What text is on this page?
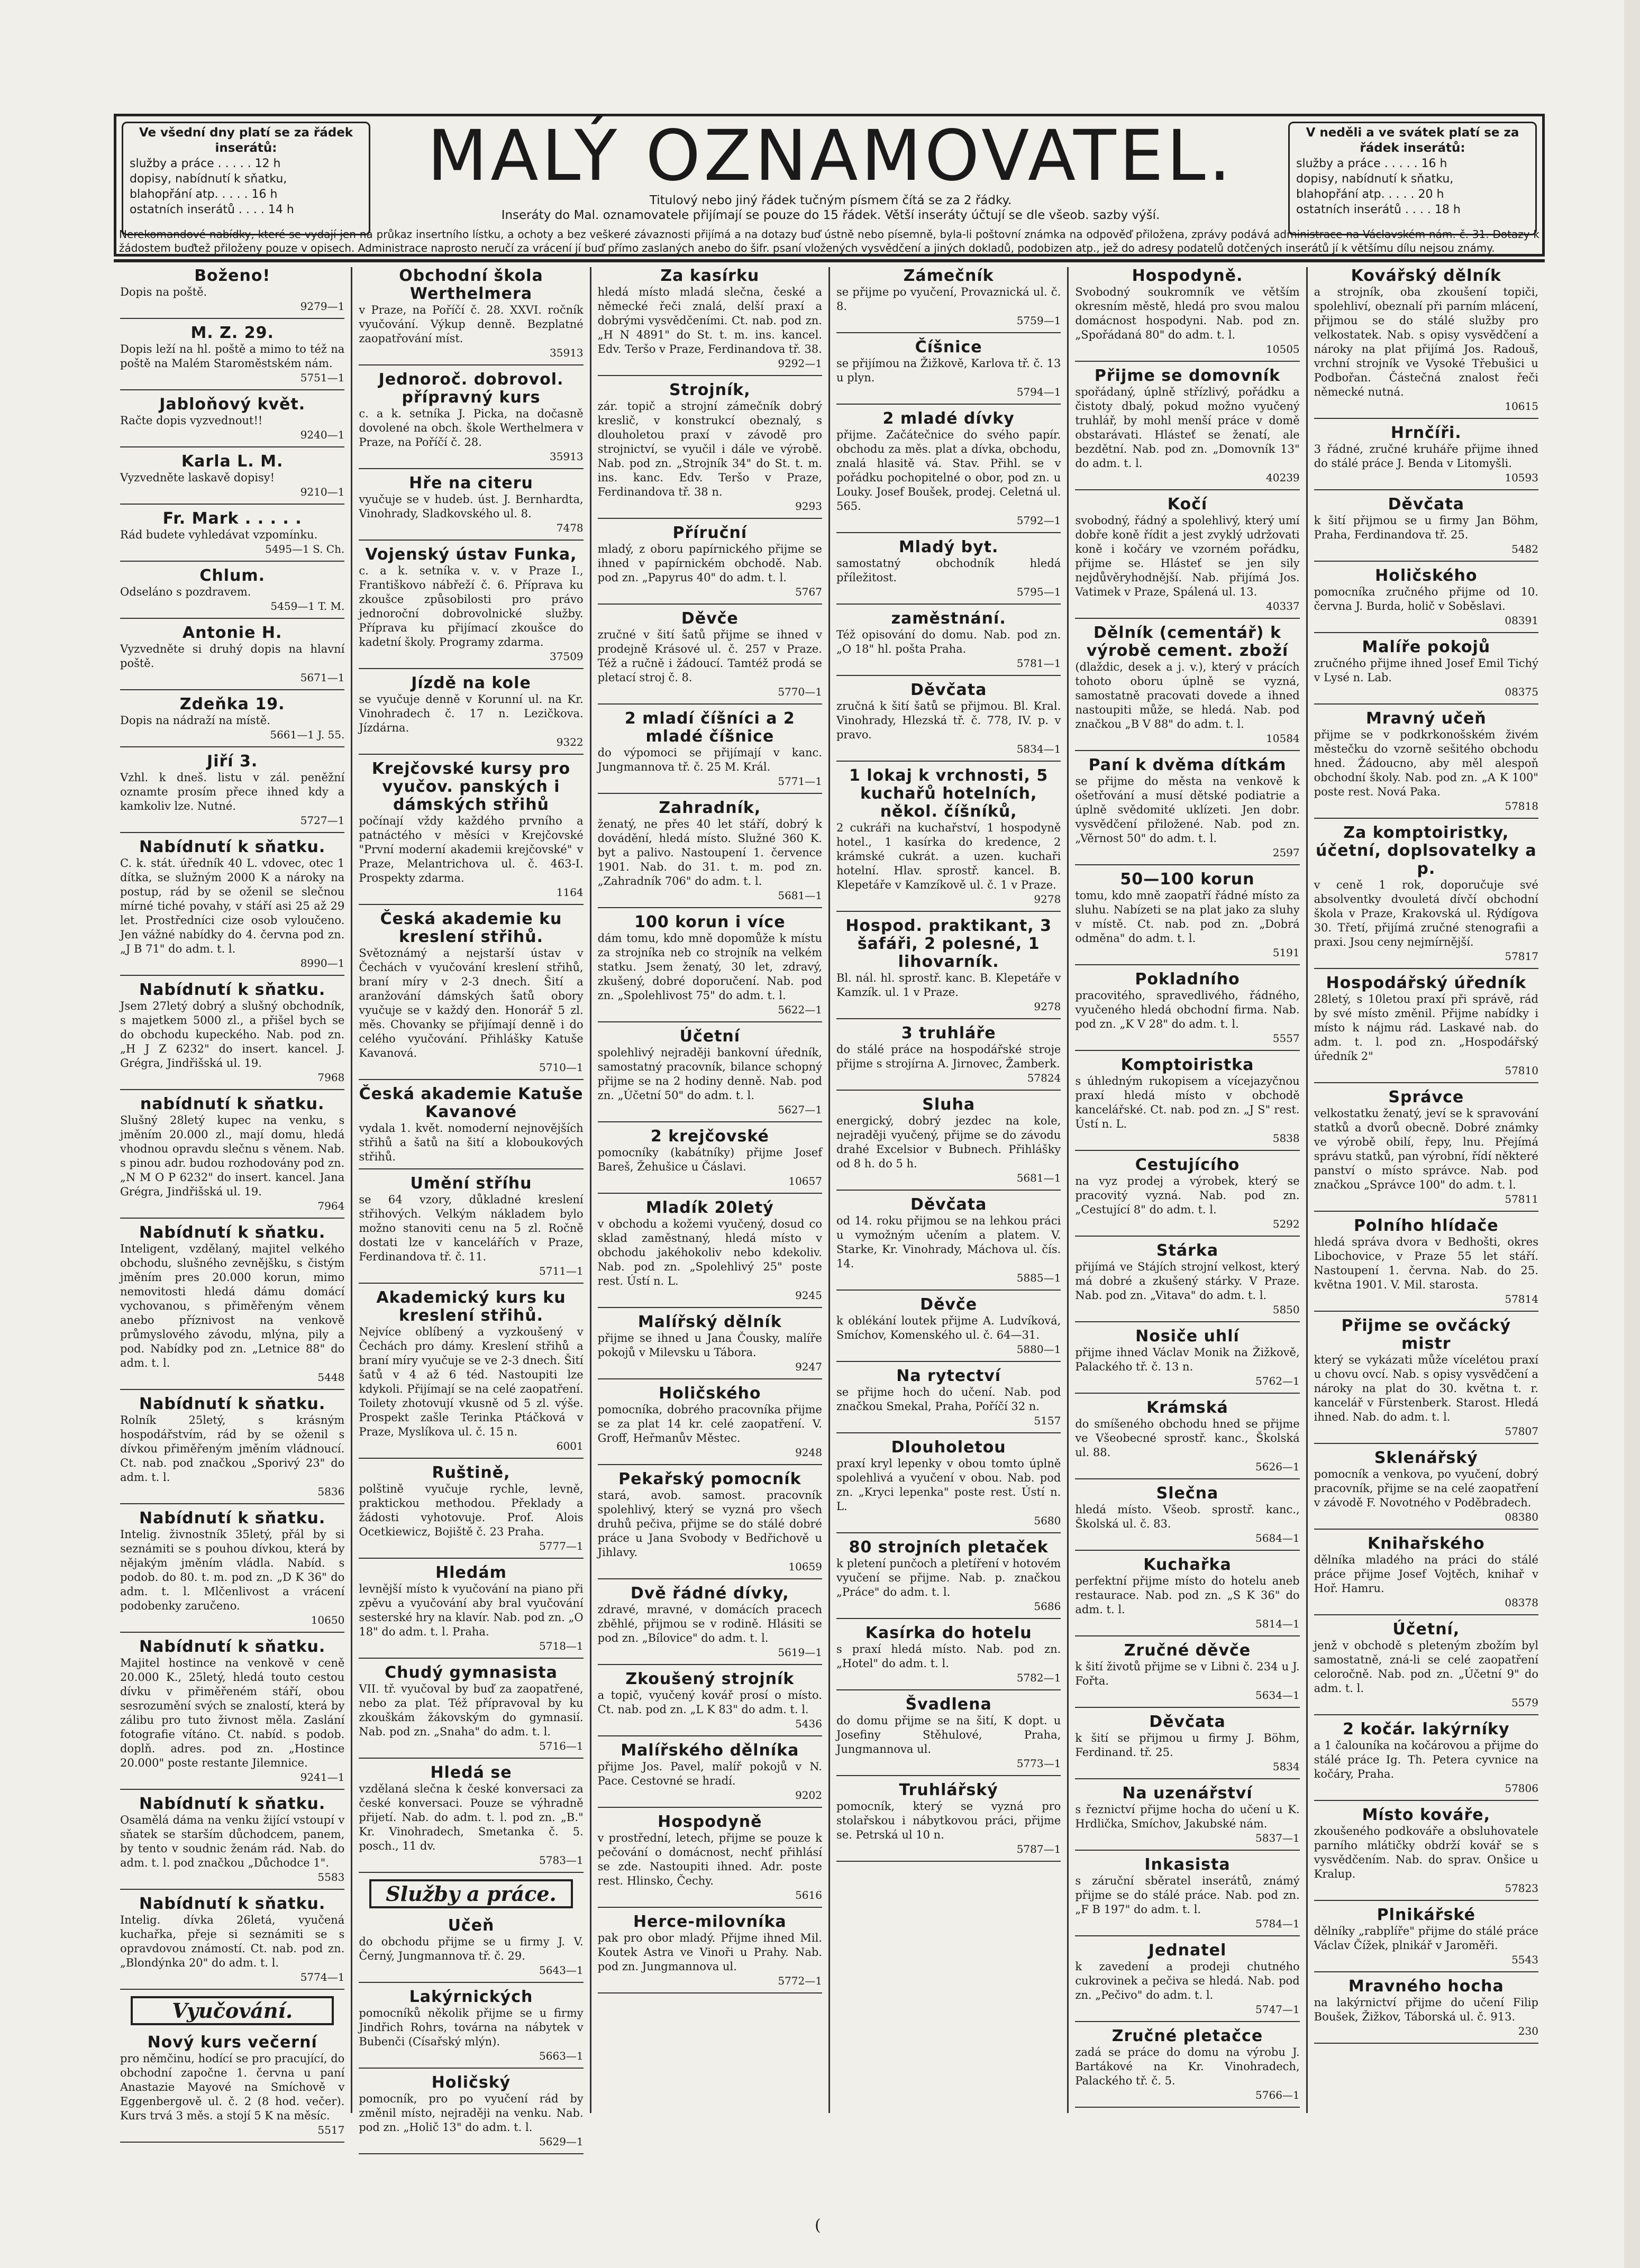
Ve všední dny platí se za řádek inserátů:
služby a práce . . . . . 12 h
dopisy, nabídnutí k sňatku,
blahopřání atp. . . . . 16 h
ostatních inserátů . . . . 14 h
MALÝ OZNAMOVATEL.
Titulový nebo jiný řádek tučným písmem čítá se za 2 řádky.
Inseráty do Mal. oznamovatele přijímají se pouze do 15 řádek. Větší inseráty účtují se dle všeob. sazby výší.
V neděli a ve svátek platí se za řádek inserátů:
služby a práce . . . . . 16 h
dopisy, nabídnutí k sňatku,
blahopřání atp. . . . . 20 h
ostatních inserátů . . . . 18 h
Nerekomandové nabídky, které se vydají jen na průkaz insertního lístku, a ochoty a bez veškeré závaznosti přijímá a na dotazy buď ústně nebo písemně, byla-li poštovní známka na odpověď přiložena, zprávy podává administrace na Václavském nám. č. 31. Dotazy k žádostem buďtež přiloženy pouze v opisech. Administrace naprosto neručí za vrácení jí buď přímo zaslaných anebo do šifr. psaní vložených vysvědčení a jiných dokladů, podobizen atp., jež do adresy podatelů dotčených inserátů jí k většímu dílu nejsou známy.
Boženo!
Dopis na poště.
9279—1
M. Z. 29.
Dopis leží na hl. poště a mimo to též na poště na Malém Staroměstském nám.
5751—1
Jabloňový květ.
Račte dopis vyzvednout!!
9240—1
Karla L. M.
Vyzvedněte laskavě dopisy!
9210—1
Fr. Mark . . . . .
Rád budete vyhledávat vzpomínku.
5495—1 S. Ch.
Chlum.
Odseláno s pozdravem.
5459—1 T. M.
Antonie H.
Vyzvedněte si druhý dopis na hlavní poště.
5671—1
Zdeňka 19.
Dopis na nádraží na místě.
5661—1 J. 55.
Jiří 3.
Vzhl. k dneš. listu v zál. peněžní oznamte prosím přece ihned kdy a kamkoliv lze. Nutné.
5727—1
Nabídnutí k sňatku.
C. k. stát. úředník 40 L. vdovec, otec 1 dítka, se služným 2000 K a nároky na postup, rád by se oženil se slečnou mírné tiché povahy, v stáří asi 25 až 29 let. Prostředníci cize osob vyloučeno. Jen vážné nabídky do 4. června pod zn. „J B 71" do adm. t. l.
8990—1
Nabídnutí k sňatku.
Jsem 27letý dobrý a slušný obchodník, s majetkem 5000 zl., a přišel bych se do obchodu kupeckého. Nab. pod zn. „H J Z 6232" do insert. kancel. J. Grégra, Jindřišská ul. 19.
7968
nabídnutí k sňatku.
Slušný 28letý kupec na venku, s jměním 20.000 zl., mají domu, hledá vhodnou opravdu slečnu s věnem. Nab. s pinou adr. budou rozhodovány pod zn. „N M O P 6232" do insert. kancel. Jana Grégra, Jindřišská ul. 19.
7964
Nabídnutí k sňatku.
Inteligent, vzdělaný, majitel velkého obchodu, slušného zevnějšku, s čistým jměním pres 20.000 korun, mimo nemovitosti hledá dámu domácí vychovanou, s přiměřeným věnem anebo příznivost na venkově průmyslového závodu, mlýna, pily a pod. Nabídky pod zn. „Letnice 88" do adm. t. l.
5448
Nabídnutí k sňatku.
Rolník 25letý, s krásným hospodářstvím, rád by se oženil s dívkou přiměřeným jměním vládnoucí. Ct. nab. pod značkou „Sporivý 23" do adm. t. l.
5836
Nabídnutí k sňatku.
Intelig. živnostník 35letý, přál by si seznámiti se s pouhou dívkou, která by nějakým jměním vládla. Nabíd. s podob. do 80. t. m. pod zn. „D K 36" do adm. t. l. Mlčenlivost a vrácení podobenky zaručeno.
10650
Nabídnutí k sňatku.
Majitel hostince na venkově v ceně 20.000 K., 25letý, hledá touto cestou dívku v přiměřeném stáří, obou sesrozumění svých se znalostí, která by zálibu pro tuto živnost měla. Zaslání fotografie vítáno. Ct. nabíd. s podob. doplň. adres. pod zn. „Hostince 20.000" poste restante Jilemnice.
9241—1
Nabídnutí k sňatku.
Osamělá dáma na venku žijící vstoupí v sňatek se starším důchodcem, panem, by tento v soudnic ženám rád. Nab. do adm. t. l. pod značkou „Důchodce 1".
5583
Nabídnutí k sňatku.
Intelig. dívka 26letá, vyučená kuchařka, přeje si seznámiti se s opravdovou známostí. Ct. nab. pod zn. „Blondýnka 20" do adm. t. l.
5774—1
Vyučování.
Nový kurs večerní
pro němčinu, hodící se pro pracující, do obchodní započne 1. června u paní Anastazie Mayové na Smíchově v Eggenbergově ul. č. 2 (8 hod. večer). Kurs trvá 3 měs. a stojí 5 K na měsíc.
5517
Obchodní škola Werthelmera
v Praze, na Poříčí č. 28. XXVI. ročník vyučování. Výkup denně. Bezplatné zaopatřování míst.
35913
Jednoroč. dobrovol. přípravný kurs
c. a k. setníka J. Picka, na dočasně dovolené na obch. škole Werthelmera v Praze, na Poříčí č. 28.
35913
Hře na citeru
vyučuje se v hudeb. úst. J. Bernhardta, Vinohrady, Sladkovského ul. 8.
7478
Vojenský ústav Funka,
c. a k. setníka v. v. v Praze I., Františkovo nábřeží č. 6. Příprava ku zkoušce způsobilosti pro právo jednoroční dobrovolnické služby. Příprava ku přijímací zkoušce do kadetní školy. Programy zdarma.
37509
Jízdě na kole
se vyučuje denně v Korunní ul. na Kr. Vinohradech č. 17 n. Lezičkova. Jízdárna.
9322
Krejčovské kursy pro vyučov. panských i dámských střihů
počínají vždy každého prvního a patnáctého v měsíci v Krejčovské "První moderní akademii krejčovské" v Praze, Melantrichova ul. č. 463-I. Prospekty zdarma.
1164
Česká akademie ku kreslení střihů.
Světoznámý a nejstarší ústav v Čechách v vyučování kreslení střihů, braní míry v 2-3 dnech. Šití a aranžování dámských šatů obory vyučuje se v každý den. Honorář 5 zl. měs. Chovanky se přijímají denně i do celého vyučování. Přihlášky Katuše Kavanová.
5710—1
Česká akademie Katuše Kavanové
vydala 1. květ. nomoderní nejnovějších střihů a šatů na šití a kloboukových střihů.
Umění stříhu
se 64 vzory, důkladné kreslení střihových. Velkým nákladem bylo možno stanoviti cenu na 5 zl. Ročně dostati lze v kancelářích v Praze, Ferdinandova tř. č. 11.
5711—1
Akademický kurs ku kreslení střihů.
Nejvíce oblíbený a vyzkoušený v Čechách pro dámy. Kreslení střihů a braní míry vyučuje se ve 2-3 dnech. Šití šatů v 4 až 6 téd. Nastoupiti lze kdykoli. Přijímají se na celé zaopatření. Toilety zhotovují vkusně od 5 zl. výše. Prospekt zašle Terinka Ptáčková v Praze, Myslíkova ul. č. 15 n.
6001
Ruštině,
polštině vyučuje rychle, levně, praktickou methodou. Překlady a žádosti vyhotovuje. Prof. Alois Ocetkiewicz, Bojiště č. 23 Praha.
5777—1
Hledám
levnější místo k vyučování na piano při zpěvu a vyučování aby bral vyučování sesterské hry na klavír. Nab. pod zn. „O 18" do adm. t. l. Praha.
5718—1
Chudý gymnasista
VII. tř. vyučoval by buď za zaopatřené, nebo za plat. Též přípravoval by ku zkouškám žákovským do gymnasií. Nab. pod zn. „Snaha" do adm. t. l.
5716—1
Hledá se
vzdělaná slečna k české konversaci za české konversaci. Pouze se výhradně přijetí. Nab. do adm. t. l. pod zn. „B." Kr. Vinohradech, Smetanka č. 5. posch., 11 dv.
5783—1
Služby a práce.
Učeň
do obchodu přijme se u firmy J. V. Černý, Jungmannova tř. č. 29.
5643—1
Lakýrnických
pomocníků několik přijme se u firmy Jindřich Rohrs, továrna na nábytek v Bubenči (Císařský mlýn).
5663—1
Holičský
pomocník, pro po vyučení rád by změnil místo, nejraději na venku. Nab. pod zn. „Holič 13" do adm. t. l.
5629—1
Za kasírku
hledá místo mladá slečna, české a německé řeči znalá, delší praxí a dobrými vysvědčeními. Ct. nab. pod zn. „H N 4891" do St. t. m. ins. kancel. Edv. Teršo v Praze, Ferdinandova tř. 38.
9292—1
Strojník,
zár. topič a strojní zámečník dobrý kreslič, v konstrukcí obeznalý, s dlouholetou praxí v závodě pro strojnictví, se vyučil i dále ve výrobě. Nab. pod zn. „Strojník 34" do St. t. m. ins. kanc. Edv. Teršo v Praze, Ferdinandova tř. 38 n.
9293
Příruční
mladý, z oboru papírnického přijme se ihned v papírnickém obchodě. Nab. pod zn. „Papyrus 40" do adm. t. l.
5767
Děvče
zručné v šití šatů přijme se ihned v prodejně Krásové ul. č. 257 v Praze. Též a ručně i žádoucí. Tamtéž prodá se pletací stroj č. 8.
5770—1
2 mladí číšníci a 2 mladé číšnice
do výpomoci se přijímají v kanc. Jungmannova tř. č. 25 M. Král.
5771—1
Zahradník,
ženatý, ne přes 40 let stáří, dobrý k dovádění, hledá místo. Služné 360 K. byt a palivo. Nastoupení 1. července 1901. Nab. do 31. t. m. pod zn. „Zahradník 706" do adm. t. l.
5681—1
100 korun i více
dám tomu, kdo mně dopomůže k místu za strojníka neb co strojník na velkém statku. Jsem ženatý, 30 let, zdravý, zkušený, dobré doporučení. Nab. pod zn. „Spolehlivost 75" do adm. t. l.
5622—1
Účetní
spolehlivý nejraději bankovní úředník, samostatný pracovník, bilance schopný přijme se na 2 hodiny denně. Nab. pod zn. „Účetní 50" do adm. t. l.
5627—1
2 krejčovské
pomocníky (kabátníky) přijme Josef Bareš, Žehušice u Čáslavi.
10657
Mladík 20letý
v obchodu a kožemi vyučený, dosud co sklad zaměstnaný, hledá místo v obchodu jakéhokoliv nebo kdekoliv. Nab. pod zn. „Spolehlivý 25" poste rest. Ústí n. L.
9245
Malířský dělník
přijme se ihned u Jana Čousky, malíře pokojů v Milevsku u Tábora.
9247
Holičského
pomocníka, dobrého pracovníka přijme se za plat 14 kr. celé zaopatření. V. Groff, Heřmanův Městec.
9248
Pekařský pomocník
stará, avob. samost. pracovník spolehlivý, který se vyzná pro všech druhů pečiva, přijme se do stálé dobré práce u Jana Svobody v Bedřichově u Jihlavy.
10659
Dvě řádné dívky,
zdravé, mravné, v domácích pracech zběhlé, přijmou se v rodině. Hlásiti se pod zn. „Bílovice" do adm. t. l.
5619—1
Zkoušený strojník
a topič, vyučený kovář prosí o místo. Ct. nab. pod zn. „L K 83" do adm. t. l.
5436
Malířského dělníka
přijme Jos. Pavel, malíř pokojů v N. Pace. Cestovné se hradí.
9202
Hospodyně
v prostřední, letech, přijme se pouze k pečování o domácnost, nechť přihlásí se zde. Nastoupiti ihned. Adr. poste rest. Hlinsko, Čechy.
5616
Herce-milovníka
pak pro obor mladý. Přijme ihned Mil. Koutek Astra ve Vinoři u Prahy. Nab. pod zn. Jungmannova ul.
5772—1
Zámečník
se přijme po vyučení, Provaznická ul. č. 8.
5759—1
Číšnice
se přijímou na Žižkově, Karlova tř. č. 13 u plyn.
5794—1
2 mladé dívky
přijme. Začátečnice do svého papír. obchodu za měs. plat a dívka, obchodu, znalá hlasitě vá. Stav. Přihl. se v pořádku pochopitelné o obor, pod zn. u Louky. Josef Boušek, prodej. Celetná ul. 565.
5792—1
Mladý byt.
samostatný obchodník hledá příležitost.
5795—1
zaměstnání.
Též opisování do domu. Nab. pod zn. „O 18" hl. pošta Praha.
5781—1
Děvčata
zručná k šití šatů se přijmou. Bl. Kral. Vinohrady, Hlezská tř. č. 778, IV. p. v pravo.
5834—1
1 lokaj k vrchnosti, 5 kuchařů hotelních, někol. číšníků,
2 cukráři na kuchařství, 1 hospodyně hotel., 1 kasírka do kredence, 2 krámské cukrát. a uzen. kuchaři hotelní. Hlav. sprostř. kancel. B. Klepetáře v Kamzíkově ul. č. 1 v Praze.
9278
Hospod. praktikant, 3 šafáři, 2 polesné, 1 lihovarník.
Bl. nál. hl. sprostř. kanc. B. Klepetáře v Kamzík. ul. 1 v Praze.
9278
3 truhláře
do stálé práce na hospodářské stroje přijme s strojírna A. Jirnovec, Žamberk.
57824
Sluha
energický, dobrý jezdec na kole, nejraději vyučený, přijme se do závodu drahé Excelsior v Bubnech. Přihlášky od 8 h. do 5 h.
5681—1
Děvčata
od 14. roku přijmou se na lehkou práci u vymožným učením a platem. V. Starke, Kr. Vinohrady, Máchova ul. čís. 14.
5885—1
Děvče
k oblékání loutek přijme A. Ludvíková, Smíchov, Komenského ul. č. 64—31.
5880—1
Na rytectví
se přijme hoch do učení. Nab. pod značkou Smekal, Praha, Poříčí 32 n.
5157
Dlouholetou
praxí kryl lepenky v obou tomto úplně spolehlivá a vyučení v obou. Nab. pod zn. „Kryci lepenka" poste rest. Ústí n. L.
5680
80 strojních pletaček
k pletení punčoch a pletíření v hotovém vyučení se přijme. Nab. p. značkou „Práce" do adm. t. l.
5686
Kasírka do hotelu
s praxí hledá místo. Nab. pod zn. „Hotel" do adm. t. l.
5782—1
Švadlena
do domu přijme se na šití, K dopt. u Josefiny Stěhulové, Praha, Jungmannova ul.
5773—1
Truhlářský
pomocník, který se vyzná pro stolařskou i nábytkovou práci, přijme se. Petrská ul 10 n.
5787—1
Hospodyně.
Svobodný soukromník ve větším okresním městě, hledá pro svou malou domácnost hospodyni. Nab. pod zn. „Spořádaná 80" do adm. t. l.
10505
Přijme se domovník
spořádaný, úplně střízlivý, pořádku a čistoty dbalý, pokud možno vyučený truhlář, by mohl menší práce v domě obstarávati. Hlásteť se ženatí, ale bezdětní. Nab. pod zn. „Domovník 13" do adm. t. l.
40239
Kočí
svobodný, řádný a spolehlivý, který umí dobře koně řídit a jest zvyklý udržovati koně i kočáry ve vzorném pořádku, přijme se. Hlásteť se jen sily nejdůvěryhodnější. Nab. přijímá Jos. Vatimek v Praze, Spálená ul. 13.
40337
Dělník (cementář) k výrobě cement. zboží
(dlaždic, desek a j. v.), který v prácích tohoto oboru úplně se vyzná, samostatně pracovati dovede a ihned nastoupiti může, se hledá. Nab. pod značkou „B V 88" do adm. t. l.
10584
Paní k dvěma dítkám
se přijme do města na venkově k ošetřování a musí dětské podiatrie a úplně svědomité uklízeti. Jen dobr. vysvědčení přiložené. Nab. pod zn. „Věrnost 50" do adm. t. l.
2597
50—100 korun
tomu, kdo mně zaopatří řádné místo za sluhu. Nabízeti se na plat jako za sluhy v místě. Ct. nab. pod zn. „Dobrá odměna" do adm. t. l.
5191
Pokladního
pracovitého, spravedlivého, řádného, vyučeného hledá obchodní firma. Nab. pod zn. „K V 28" do adm. t. l.
5557
Komptoiristka
s úhledným rukopisem a vícejazyčnou praxí hledá místo v obchodě kancelářské. Ct. nab. pod zn. „J S" rest. Ústí n. L.
5838
Cestujícího
na vyz prodej a výrobek, který se pracovitý vyzná. Nab. pod zn. „Cestující 8" do adm. t. l.
5292
Stárka
přijímá ve Stájích strojní velkost, který má dobré a zkušený stárky. V Praze. Nab. pod zn. „Vitava" do adm. t. l.
5850
Nosiče uhlí
přijme ihned Václav Monik na Žižkově, Palackého tř. č. 13 n.
5762—1
Krámská
do smíšeného obchodu hned se přijme ve Všeobecné sprostř. kanc., Školská ul. 88.
5626—1
Slečna
hledá místo. Všeob. sprostř. kanc., Školská ul. č. 83.
5684—1
Kuchařka
perfektní přijme místo do hotelu aneb restaurace. Nab. pod zn. „S K 36" do adm. t. l.
5814—1
Zručné děvče
k šití životů přijme se v Libni č. 234 u J. Fořta.
5634—1
Děvčata
k šití se přijmou u firmy J. Böhm, Ferdinand. tř. 25.
5834
Na uzenářství
s řeznictví přijme hocha do učení u K. Hrdlička, Smíchov, Jakubské nám.
5837—1
Inkasista
s záruční sběratel inserátů, známý přijme se do stálé práce. Nab. pod zn. „F B 197" do adm. t. l.
5784—1
Jednatel
k zavedení a prodeji chutného cukrovinek a pečiva se hledá. Nab. pod zn. „Pečivo" do adm. t. l.
5747—1
Zručné pletačce
zadá se práce do domu na výrobu J. Bartákové na Kr. Vinohradech, Palackého tř. č. 5.
5766—1
Kovářský dělník
a strojník, oba zkoušení topiči, spolehliví, obeznalí při parním mlácení, přijmou se do stálé služby pro velkostatek. Nab. s opisy vysvědčení a nároky na plat přijímá Jos. Radouš, vrchní strojník ve Vysoké Třebušici u Podbořan. Částečná znalost řeči německé nutná.
10615
Hrnčíři.
3 řádné, zručné kruháře přijme ihned do stálé práce J. Benda v Litomyšli.
10593
Děvčata
k šití přijmou se u firmy Jan Böhm, Praha, Ferdinandova tř. 25.
5482
Holičského
pomocníka zručného přijme od 10. června J. Burda, holič v Soběslavi.
08391
Malíře pokojů
zručného přijme ihned Josef Emil Tichý v Lysé n. Lab.
08375
Mravný učeň
přijme se v podkrkonošském živém městečku do vzorně sešitého obchodu hned. Žádoucno, aby měl alespoň obchodní školy. Nab. pod zn. „A K 100" poste rest. Nová Paka.
57818
Za komptoiristky, účetní, doplsovatelky a p.
v ceně 1 rok, doporučuje své absolventky dvouletá dívčí obchodní škola v Praze, Krakovská ul. Rýdígova 30. Třetí, přijímá zručné stenografii a praxi. Jsou ceny nejmírnější.
57817
Hospodářský úředník
28letý, s 10letou praxí při správě, rád by své místo změnil. Přijme nabídky i místo k nájmu rád. Laskavé nab. do adm. t. l. pod zn. „Hospodářský úředník 2"
57810
Správce
velkostatku ženatý, jeví se k spravování statků a dvorů obecně. Dobré známky ve výrobě obilí, řepy, lnu. Přejímá správu statků, pan výrobní, řídí některé panství o místo správce. Nab. pod značkou „Správce 100" do adm. t. l.
57811
Polního hlídače
hledá správa dvora v Bedhošti, okres Libochovice, v Praze 55 let stáří. Nastoupení 1. června. Nab. do 25. května 1901. V. Mil. starosta.
57814
Přijme se ovčácký mistr
který se vykázati může vícelétou praxí u chovu ovcí. Nab. s opisy vysvědčení a nároky na plat do 30. května t. r. kancelář v Fürstenberk. Starost. Hledá ihned. Nab. do adm. t. l.
57807
Sklenářský
pomocník a venkova, po vyučení, dobrý pracovník, přijme se na celé zaopatření v závodě F. Novotného v Poděbradech.
08380
Knihařského
dělníka mladého na práci do stálé práce přijme Josef Vojtěch, knihař v Hoř. Hamru.
08378
Účetní,
jenž v obchodě s pleteným zbožím byl samostatně, zná-li se celé zaopatření celoročně. Nab. pod zn. „Účetní 9" do adm. t. l.
5579
2 kočár. lakýrníky
a 1 čalouníka na kočárovou a přijme do stálé práce Ig. Th. Petera cyvnice na kočáry, Praha.
57806
Místo kováře,
zkoušeného podkováře a obsluhovatele parního mlátičky obdrží kovář se s vysvědčením. Nab. do sprav. Onšice u Kralup.
57823
Plnikářské
dělníky „rabplíře" přijme do stálé práce Václav Čížek, plnikář v Jaroměři.
5543
Mravného hocha
na lakýrnictví přijme do učení Filip Boušek, Žižkov, Táborská ul. č. 913.
230
(
